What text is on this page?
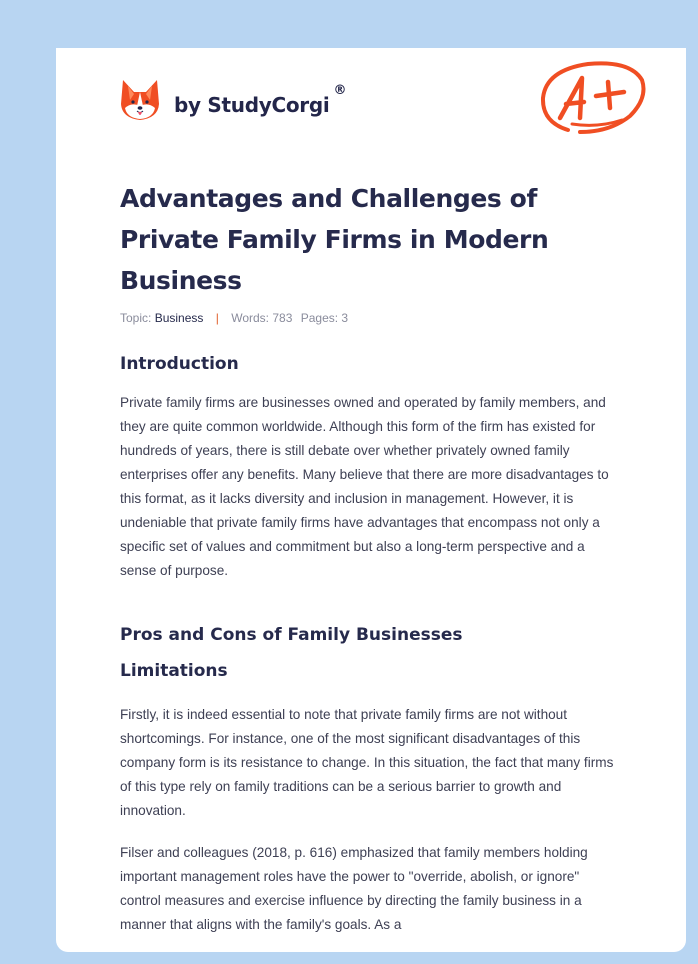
by StudyCorgi
®
Advantages and Challenges of Private Family Firms in Modern Business
Topic: Business | Words: 783 Pages: 3
Introduction

Private family firms are businesses owned and operated by family members, and they are quite common worldwide. Although this form of the firm has existed for hundreds of years, there is still debate over whether privately owned family enterprises offer any benefits. Many believe that there are more disadvantages to this format, as it lacks diversity and inclusion in management. However, it is undeniable that private family firms have advantages that encompass not only a specific set of values and commitment but also a long-term perspective and a sense of purpose.

Pros and Cons of Family Businesses
Limitations

Firstly, it is indeed essential to note that private family firms are not without shortcomings. For instance, one of the most significant disadvantages of this company form is its resistance to change. In this situation, the fact that many firms of this type rely on family traditions can be a serious barrier to growth and innovation.

Filser and colleagues (2018, p. 616) emphasized that family members holding important management roles have the power to "override, abolish, or ignore" control measures and exercise influence by directing the family business in a manner that aligns with the family's goals. As a
